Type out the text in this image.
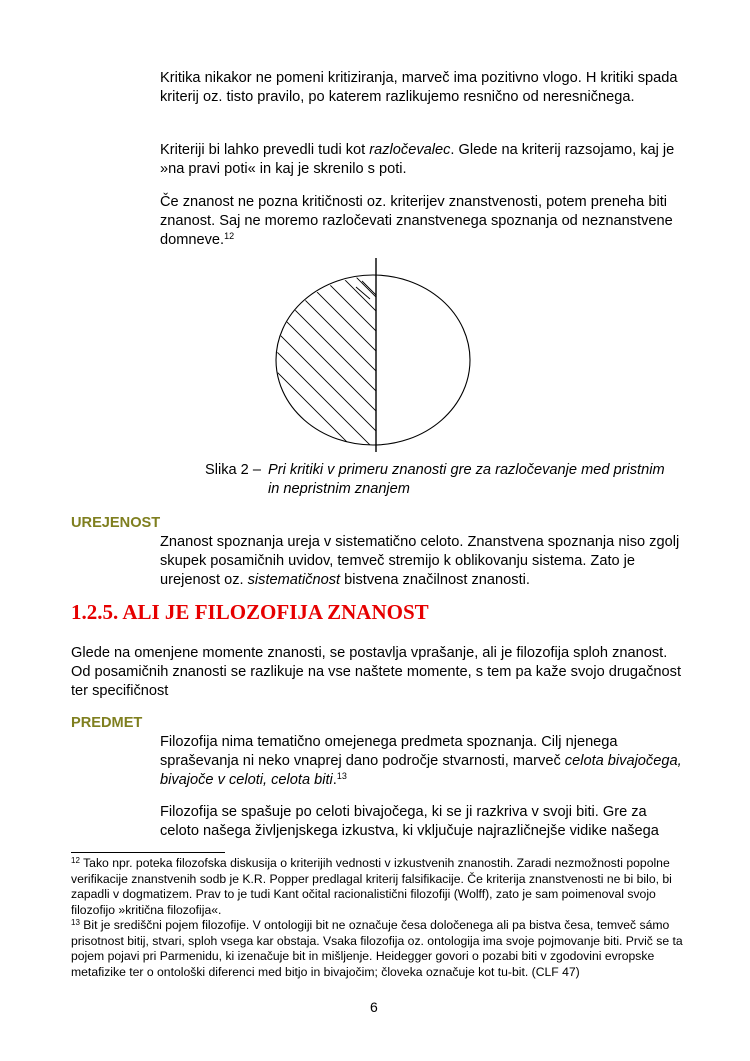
Kritika nikakor ne pomeni kritiziranja, marveč ima pozitivno vlogo. H kritiki spada kriterij oz. tisto pravilo, po katerem razlikujemo resnično od neresničnega.

Kriteriji bi lahko prevedli tudi kot razločevalec. Glede na kriterij razsojamo, kaj je »na pravi poti« in kaj je skrenilo s poti.

Če znanost ne pozna kritičnosti oz. kriterijev znanstvenosti, potem preneha biti znanost. Saj ne moremo razločevati znanstvenega spoznanja od neznanstvene domneve.$^{12}$

Slika 2 – Pri kritiki v primeru znanosti gre za razločevanje med pristnim
in nepristnim znanjem
UREJENOST

Znanost spoznanja ureja v sistematično celoto. Znanstvena spoznanja niso zgolj skupek posamičnih uvidov, temveč stremijo k oblikovanju sistema. Zato je urejenost oz. sistematičnost bistvena značilnost znanosti.

1.2.5. ALI JE FILOZOFIJA ZNANOST

Glede na omenjene momente znanosti, se postavlja vprašanje, ali je filozofija sploh znanost. Od posamičnih znanosti se razlikuje na vse naštete momente, s tem pa kaže svojo drugačnost ter specifičnost

PREDMET

Filozofija nima tematično omejenega predmeta spoznanja. Cilj njenega spraševanja ni neko vnaprej dano področje stvarnosti, marveč celota bivajočega, bivajoče v celoti, celota biti.$^{13}$

Filozofija se spašuje po celoti bivajočega, ki se ji razkriva v svoji biti. Gre za celoto našega življenjskega izkustva, ki vključuje najrazličnejše vidike našega

$^{12}$ Tako npr. poteka filozofska diskusija o kriterijih vednosti v izkustvenih znanostih. Zaradi nezmožnosti popolne verifikacije znanstvenih sodb je K.R. Popper predlagal kriterij falsifikacije. Če kriterija znanstvenosti ne bi bilo, bi zapadli v dogmatizem. Prav to je tudi Kant očital racionalistični filozofiji (Wolff), zato je sam poimenoval svojo filozofijo »kritična filozofija«.

$^{13}$ Bit je središčni pojem filozofije. V ontologiji bit ne označuje česa določenega ali pa bistva česa, temveč sámo prisotnost bitij, stvari, sploh vsega kar obstaja. Vsaka filozofija oz. ontologija ima svoje pojmovanje biti. Prvič se ta pojem pojavi pri Parmenidu, ki izenačuje bit in mišljenje. Heidegger govori o pozabi biti v zgodovini evropske metafizike ter o ontološki diferenci med bitjo in bivajočim; človeka označuje kot tu-bit. (CLF 47)

6
